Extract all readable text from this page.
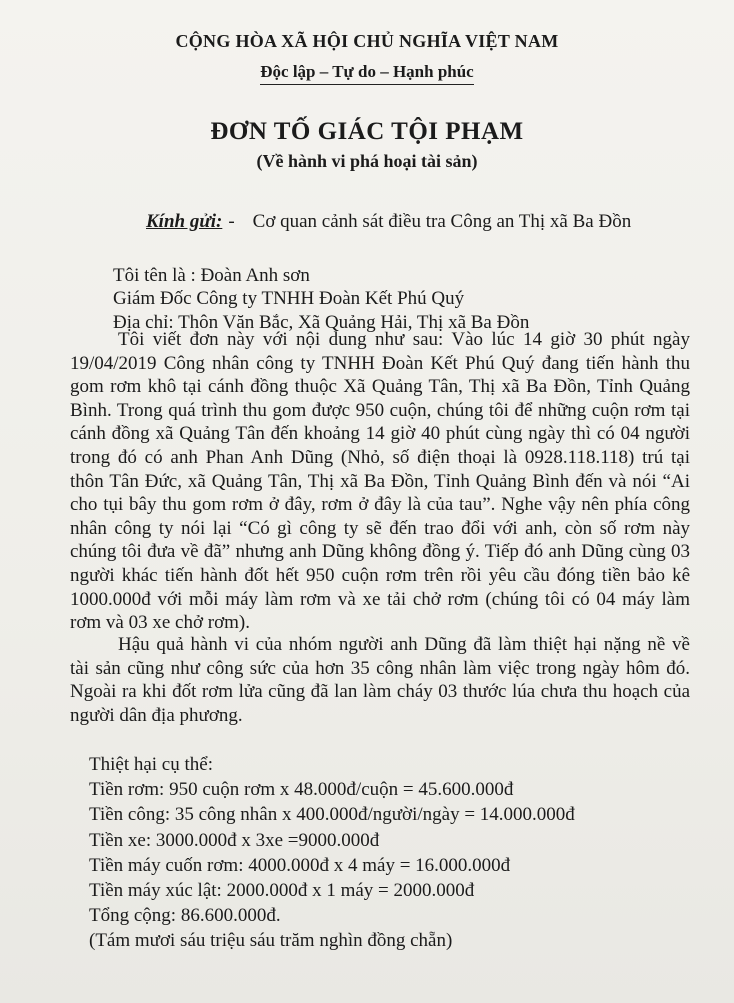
CỘNG HÒA XÃ HỘI CHỦ NGHĨA VIỆT NAM
Độc lập – Tự do – Hạnh phúc
ĐƠN TỐ GIÁC TỘI PHẠM
(Về hành vi phá hoại tài sản)
Kính gửi: - Cơ quan cảnh sát điều tra Công an Thị xã Ba Đồn
Tôi tên là : Đoàn Anh sơn
Giám Đốc Công ty TNHH Đoàn Kết Phú Quý
Địa chỉ: Thôn Văn Bắc, Xã Quảng Hải, Thị xã Ba Đồn

Tôi viết đơn này với nội dung như sau: Vào lúc 14 giờ 30 phút ngày

19/04/2019 Công nhân công ty TNHH Đoàn Kết Phú Quý đang tiến hành thu

gom rơm khô tại cánh đồng thuộc Xã Quảng Tân, Thị xã Ba Đồn, Tỉnh Quảng

Bình. Trong quá trình thu gom được 950 cuộn, chúng tôi để những cuộn rơm tại

cánh đồng xã Quảng Tân đến khoảng 14 giờ 40 phút cùng ngày thì có 04 người

trong đó có anh Phan Anh Dũng (Nhỏ, số điện thoại là 0928.118.118) trú tại

thôn Tân Đức, xã Quảng Tân, Thị xã Ba Đồn, Tỉnh Quảng Bình đến và nói “Ai

cho tụi bây thu gom rơm ở đây, rơm ở đây là của tau”. Nghe vậy nên phía công

nhân công ty nói lại “Có gì công ty sẽ đến trao đổi với anh, còn số rơm này

chúng tôi đưa về đã” nhưng anh Dũng không đồng ý. Tiếp đó anh Dũng cùng 03

người khác tiến hành đốt hết 950 cuộn rơm trên rồi yêu cầu đóng tiền bảo kê

1000.000đ với mỗi máy làm rơm và xe tải chở rơm (chúng tôi có 04 máy làm

rơm và 03 xe chở rơm).

Hậu quả hành vi của nhóm người anh Dũng đã làm thiệt hại nặng nề về

tài sản cũng như công sức của hơn 35 công nhân làm việc trong ngày hôm đó.

Ngoài ra khi đốt rơm lửa cũng đã lan làm cháy 03 thước lúa chưa thu hoạch của

người dân địa phương.

Thiệt hại cụ thể:
Tiền rơm: 950 cuộn rơm x 48.000đ/cuộn = 45.600.000đ
Tiền công: 35 công nhân x 400.000đ/người/ngày = 14.000.000đ
Tiền xe: 3000.000đ x 3xe =9000.000đ
Tiền máy cuốn rơm: 4000.000đ x 4 máy = 16.000.000đ
Tiền máy xúc lật: 2000.000đ x 1 máy = 2000.000đ
Tổng cộng: 86.600.000đ.
(Tám mươi sáu triệu sáu trăm nghìn đồng chẵn)
